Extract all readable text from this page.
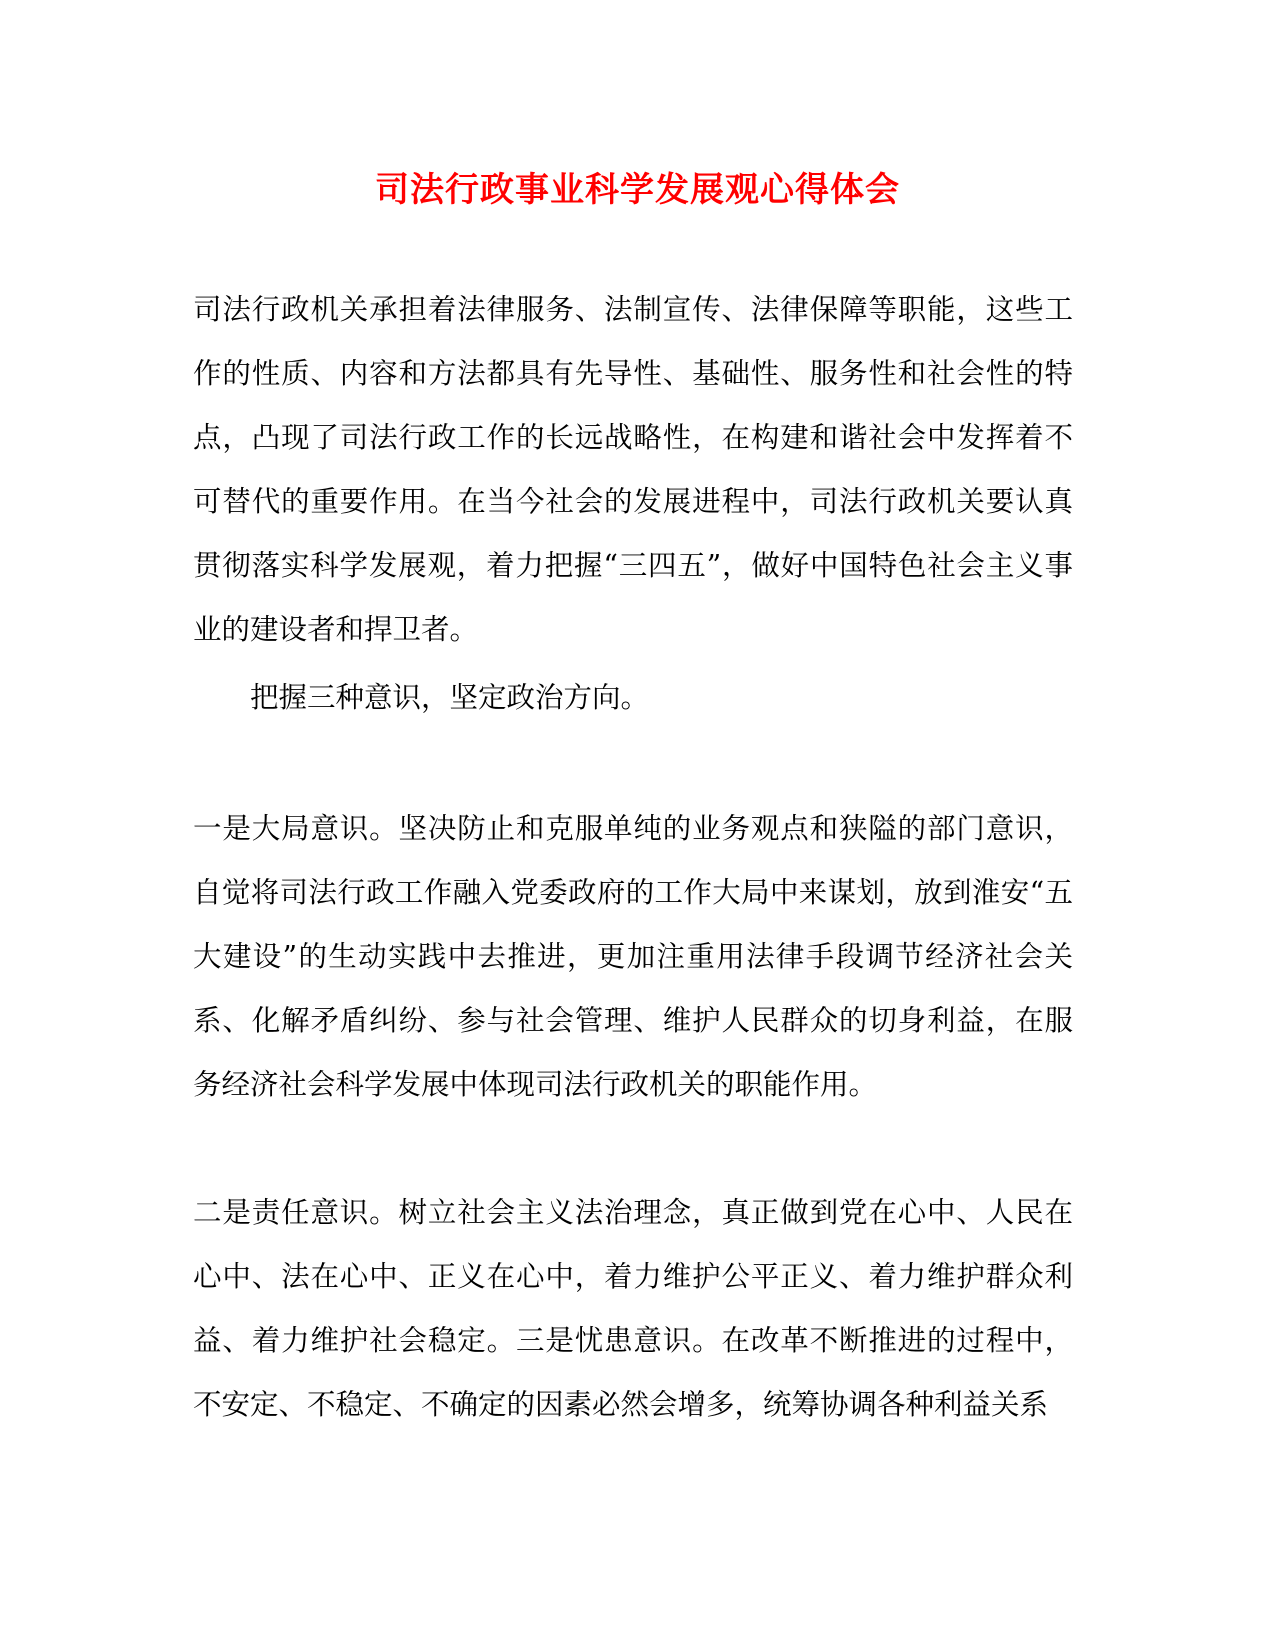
司法行政事业科学发展观心得体会
司法行政机关承担着法律服务、法制宣传、法律保障等职能，这些工作的性质、内容和方法都具有先导性、基础性、服务性和社会性的特点，凸现了司法行政工作的长远战略性，在构建和谐社会中发挥着不可替代的重要作用。在当今社会的发展进程中，司法行政机关要认真贯彻落实科学发展观，着力把握“三四五”，做好中国特色社会主义事业的建设者和捍卫者。
把握三种意识，坚定政治方向。
一是大局意识。坚决防止和克服单纯的业务观点和狭隘的部门意识，自觉将司法行政工作融入党委政府的工作大局中来谋划，放到淮安“五大建设”的生动实践中去推进，更加注重用法律手段调节经济社会关系、化解矛盾纠纷、参与社会管理、维护人民群众的切身利益，在服务经济社会科学发展中体现司法行政机关的职能作用。
二是责任意识。树立社会主义法治理念，真正做到党在心中、人民在心中、法在心中、正义在心中，着力维护公平正义、着力维护群众利益、着力维护社会稳定。三是忧患意识。在改革不断推进的过程中，不安定、不稳定、不确定的因素必然会增多，统筹协调各种利益关系
